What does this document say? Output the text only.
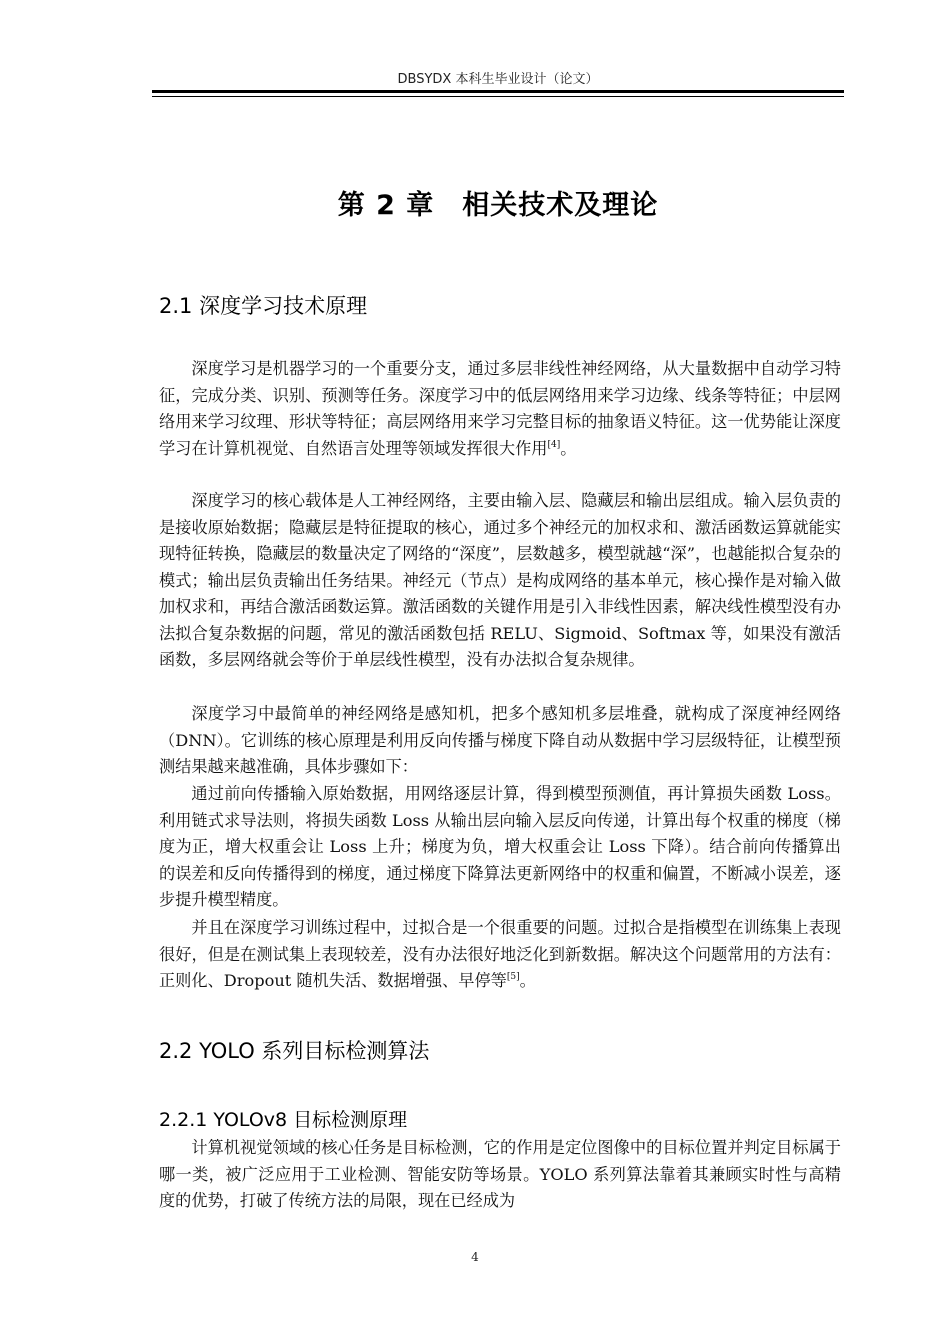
DBSYDX 本科生毕业设计（论文）
第 2 章　相关技术及理论
2.1 深度学习技术原理

深度学习是机器学习的一个重要分支，通过多层非线性神经网络，从大量数据中自动学习特征，完成分类、识别、预测等任务。深度学习中的低层网络用来学习边缘、线条等特征；中层网络用来学习纹理、形状等特征；高层网络用来学习完整目标的抽象语义特征。这一优势能让深度学习在计算机视觉、自然语言处理等领域发挥很大作用[4]。

深度学习的核心载体是人工神经网络，主要由输入层、隐藏层和输出层组成。输入层负责的是接收原始数据；隐藏层是特征提取的核心，通过多个神经元的加权求和、激活函数运算就能实现特征转换，隐藏层的数量决定了网络的“深度”，层数越多，模型就越“深”，也越能拟合复杂的模式；输出层负责输出任务结果。神经元（节点）是构成网络的基本单元，核心操作是对输入做加权求和，再结合激活函数运算。激活函数的关键作用是引入非线性因素，解决线性模型没有办法拟合复杂数据的问题，常见的激活函数包括 RELU、Sigmoid、Softmax 等，如果没有激活函数，多层网络就会等价于单层线性模型，没有办法拟合复杂规律。

深度学习中最简单的神经网络是感知机，把多个感知机多层堆叠，就构成了深度神经网络（DNN）。它训练的核心原理是利用反向传播与梯度下降自动从数据中学习层级特征，让模型预测结果越来越准确，具体步骤如下：

通过前向传播输入原始数据，用网络逐层计算，得到模型预测值，再计算损失函数 Loss。利用链式求导法则，将损失函数 Loss 从输出层向输入层反向传递，计算出每个权重的梯度（梯度为正，增大权重会让 Loss 上升；梯度为负，增大权重会让 Loss 下降）。结合前向传播算出的误差和反向传播得到的梯度，通过梯度下降算法更新网络中的权重和偏置，不断减小误差，逐步提升模型精度。

并且在深度学习训练过程中，过拟合是一个很重要的问题。过拟合是指模型在训练集上表现很好，但是在测试集上表现较差，没有办法很好地泛化到新数据。解决这个问题常用的方法有：正则化、Dropout 随机失活、数据增强、早停等[5]。

2.2 YOLO 系列目标检测算法
2.2.1 YOLOv8 目标检测原理

计算机视觉领域的核心任务是目标检测，它的作用是定位图像中的目标位置并判定目标属于哪一类，被广泛应用于工业检测、智能安防等场景。YOLO 系列算法靠着其兼顾实时性与高精度的优势，打破了传统方法的局限，现在已经成为

4
